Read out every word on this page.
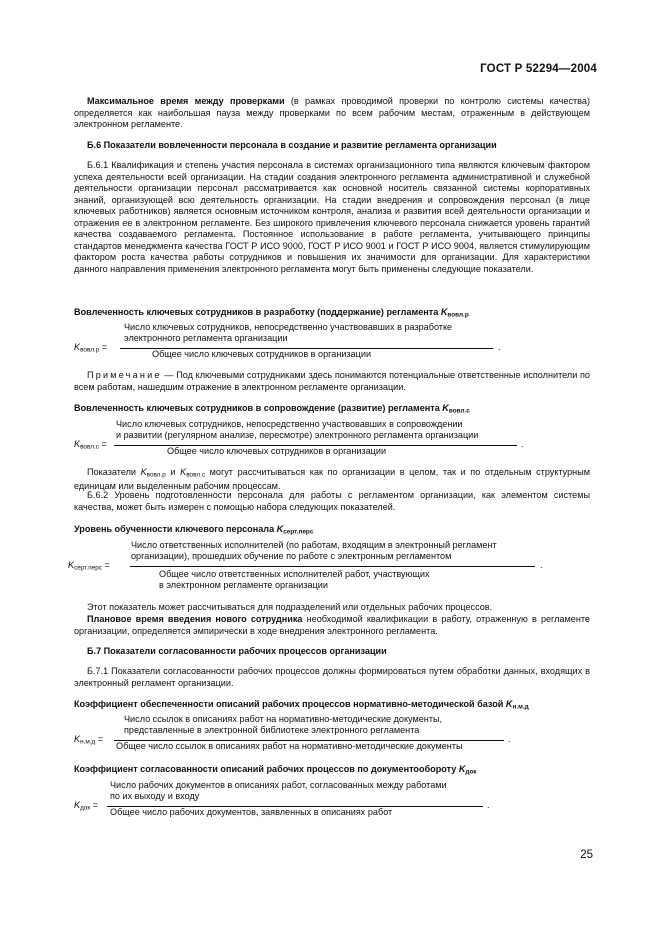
ГОСТ Р 52294—2004

Максимальное время между проверками (в рамках проводимой проверки по контролю системы качества) определяется как наибольшая пауза между проверками по всем рабочим местам, отраженным в действующем электронном регламенте.

Б.6 Показатели вовлеченности персонала в создание и развитие регламента организации

Б.6.1 Квалификация и степень участия персонала в системах организационного типа являются ключевым фактором успеха деятельности всей организации. На стадии создания электронного регламента административной и служебной деятельности организации персонал рассматривается как основной носитель связанной системы корпоративных знаний, организующей всю деятельность организации. На стадии внедрения и сопровождения персонал (в лице ключевых работников) является основным источником контроля, анализа и развития всей деятельности организации и отражения ее в электронном регламенте. Без широкого привлечения ключевого персонала снижается уровень гарантий качества создаваемого регламента. Постоянное использование в работе регламента, учитывающего принципы стандартов менеджмента качества ГОСТ Р ИСО 9000, ГОСТ Р ИСО 9001 и ГОСТ Р ИСО 9004, является стимулирующим фактором роста качества работы сотрудников и повышения их значимости для организации. Для характеристики данного направления применения электронного регламента могут быть применены следующие показатели.

Вовлеченность ключевых сотрудников в разработку (поддержание) регламента $K_{вовл.р}$

Kвовл.р =
Число ключевых сотрудников, непосредственно участвовавших в разработке
электронного регламента организации
Общее число ключевых сотрудников в организации
.

Примечание — Под ключевыми сотрудниками здесь понимаются потенциальные ответственные исполнители по всем работам, нашедшим отражение в электронном регламенте организации.

Вовлеченность ключевых сотрудников в сопровождение (развитие) регламента $K_{вовл.с}$

Kвовл.с =
Число ключевых сотрудников, непосредственно участвовавших в сопровождении
и развитии (регулярном анализе, пересмотре) электронного регламента организации
Общее число ключевых сотрудников в организации
.

Показатели Kвовл.р и Kвовл.с могут рассчитываться как по организации в целом, так и по отдельным структурным единицам или выделенным рабочим процессам.

Б.6.2 Уровень подготовленности персонала для работы с регламентом организации, как элементом системы качества, может быть измерен с помощью набора следующих показателей.

Уровень обученности ключевого персонала $K_{серт.перс}$

Kсерт.перс =
Число ответственных исполнителей (по работам, входящим в электронный регламент
организации), прошедших обучение по работе с электронным регламентом
Общее число ответственных исполнителей работ, участвующих
в электронном регламенте организации
.

Этот показатель может рассчитываться для подразделений или отдельных рабочих процессов.

Плановое время введения нового сотрудника необходимой квалификации в работу, отраженную в регламенте организации, определяется эмпирически в ходе внедрения электронного регламента.

Б.7 Показатели согласованности рабочих процессов организации

Б.7.1 Показатели согласованности рабочих процессов должны формироваться путем обработки данных, входящих в электронный регламент организации.

Коэффициент обеспеченности описаний рабочих процессов нормативно-методической базой $K_{н.м.д}$

Kн.м.д =
Число ссылок в описаниях работ на нормативно-методические документы,
представленные в электронной библиотеке электронного регламента
Общее число ссылок в описаниях работ на нормативно-методические документы
.

Коэффициент согласованности описаний рабочих процессов по документообороту $K_{док}$

Kдок =
Число рабочих документов в описаниях работ, согласованных между работами
по их выходу и входу
Общее число рабочих документов, заявленных в описаниях работ
.
25
